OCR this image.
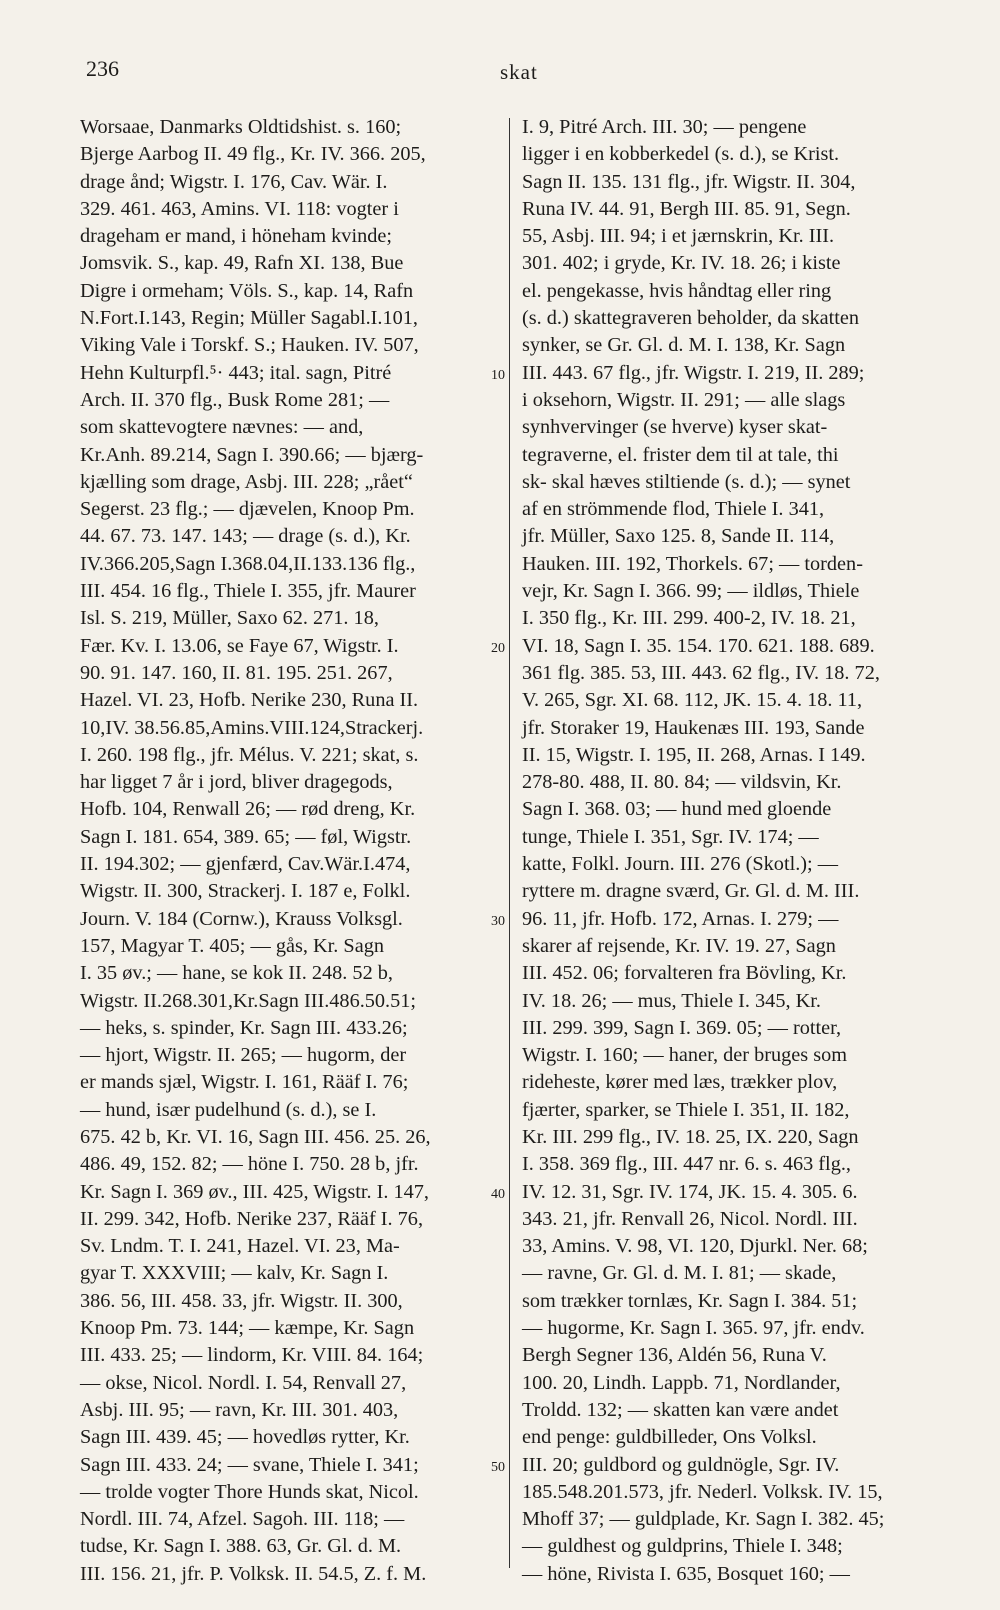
236	skat
Worsaae, Danmarks Oldtidshist. s. 160;
Bjerge Aarbog II. 49 flg., Kr. IV. 366. 205,
drage ånd; Wigstr. I. 176, Cav. Wär. I.
329. 461. 463, Amins. VI. 118: vogter i
drageham er mand, i höneham kvinde;
Jomsvik. S., kap. 49, Rafn XI. 138, Bue
Digre i ormeham; Völs. S., kap. 14, Rafn
N.Fort.I.143, Regin; Müller Sagabl.I.101,
Viking Vale i Torskf. S.; Hauken. IV. 507,
Hehn Kulturpfl.⁵· 443; ital. sagn, Pitré
Arch. II. 370 flg., Busk Rome 281; —
som skattevogtere nævnes: — and,
Kr.Anh. 89.214, Sagn I. 390.66; — bjærg-
kjælling som drage, Asbj. III. 228; „rået“
Segerst. 23 flg.; — djævelen, Knoop Pm.
44. 67. 73. 147. 143; — drage (s. d.), Kr.
IV.366.205,Sagn I.368.04,II.133.136 flg.,
III. 454. 16 flg., Thiele I. 355, jfr. Maurer
Isl. S. 219, Müller, Saxo 62. 271. 18,
Fær. Kv. I. 13.06, se Faye 67, Wigstr. I.
90. 91. 147. 160, II. 81. 195. 251. 267,
Hazel. VI. 23, Hofb. Nerike 230, Runa II.
10,IV. 38.56.85,Amins.VIII.124,Strackerj.
I. 260. 198 flg., jfr. Mélus. V. 221; skat, s.
har ligget 7 år i jord, bliver dragegods,
Hofb. 104, Renwall 26; — rød dreng, Kr.
Sagn I. 181. 654, 389. 65; — føl, Wigstr.
II. 194.302; — gjenfærd, Cav.Wär.I.474,
Wigstr. II. 300, Strackerj. I. 187 e, Folkl.
Journ. V. 184 (Cornw.), Krauss Volksgl.
157, Magyar T. 405; — gås, Kr. Sagn
I. 35 øv.; — hane, se kok II. 248. 52 b,
Wigstr. II.268.301,Kr.Sagn III.486.50.51;
— heks, s. spinder, Kr. Sagn III. 433.26;
— hjort, Wigstr. II. 265; — hugorm, der
er mands sjæl, Wigstr. I. 161, Rääf I. 76;
— hund, især pudelhund (s. d.), se I.
675. 42 b, Kr. VI. 16, Sagn III. 456. 25. 26,
486. 49, 152. 82; — höne I. 750. 28 b, jfr.
Kr. Sagn I. 369 øv., III. 425, Wigstr. I. 147,
II. 299. 342, Hofb. Nerike 237, Rääf I. 76,
Sv. Lndm. T. I. 241, Hazel. VI. 23, Ma-
gyar T. XXXVIII; — kalv, Kr. Sagn I.
386. 56, III. 458. 33, jfr. Wigstr. II. 300,
Knoop Pm. 73. 144; — kæmpe, Kr. Sagn
III. 433. 25; — lindorm, Kr. VIII. 84. 164;
— okse, Nicol. Nordl. I. 54, Renvall 27,
Asbj. III. 95; — ravn, Kr. III. 301. 403,
Sagn III. 439. 45; — hovedløs rytter, Kr.
Sagn III. 433. 24; — svane, Thiele I. 341;
— trolde vogter Thore Hunds skat, Nicol.
Nordl. III. 74, Afzel. Sagoh. III. 118; —
tudse, Kr. Sagn I. 388. 63, Gr. Gl. d. M.
III. 156. 21, jfr. P. Volksk. II. 54.5, Z. f. M.
10
20
30
40
50
I. 9, Pitré Arch. III. 30; — pengene
ligger i en kobberkedel (s. d.), se Krist.
Sagn II. 135. 131 flg., jfr. Wigstr. II. 304,
Runa IV. 44. 91, Bergh III. 85. 91, Segn.
55, Asbj. III. 94; i et jærnskrin, Kr. III.
301. 402; i gryde, Kr. IV. 18. 26; i kiste
el. pengekasse, hvis håndtag eller ring
(s. d.) skattegraveren beholder, da skatten
synker, se Gr. Gl. d. M. I. 138, Kr. Sagn
III. 443. 67 flg., jfr. Wigstr. I. 219, II. 289;
i oksehorn, Wigstr. II. 291; — alle slags
synhvervinger (se hverve) kyser skat-
tegraverne, el. frister dem til at tale, thi
sk- skal hæves stiltiende (s. d.); — synet
af en strömmende flod, Thiele I. 341,
jfr. Müller, Saxo 125. 8, Sande II. 114,
Hauken. III. 192, Thorkels. 67; — torden-
vejr, Kr. Sagn I. 366. 99; — ildløs, Thiele
I. 350 flg., Kr. III. 299. 400-2, IV. 18. 21,
VI. 18, Sagn I. 35. 154. 170. 621. 188. 689.
361 flg. 385. 53, III. 443. 62 flg., IV. 18. 72,
V. 265, Sgr. XI. 68. 112, JK. 15. 4. 18. 11,
jfr. Storaker 19, Haukenæs III. 193, Sande
II. 15, Wigstr. I. 195, II. 268, Arnas. I 149.
278-80. 488, II. 80. 84; — vildsvin, Kr.
Sagn I. 368. 03; — hund med gloende
tunge, Thiele I. 351, Sgr. IV. 174; —
katte, Folkl. Journ. III. 276 (Skotl.); —
ryttere m. dragne sværd, Gr. Gl. d. M. III.
96. 11, jfr. Hofb. 172, Arnas. I. 279; —
skarer af rejsende, Kr. IV. 19. 27, Sagn
III. 452. 06; forvalteren fra Bövling, Kr.
IV. 18. 26; — mus, Thiele I. 345, Kr.
III. 299. 399, Sagn I. 369. 05; — rotter,
Wigstr. I. 160; — haner, der bruges som
rideheste, kører med læs, trækker plov,
fjærter, sparker, se Thiele I. 351, II. 182,
Kr. III. 299 flg., IV. 18. 25, IX. 220, Sagn
I. 358. 369 flg., III. 447 nr. 6. s. 463 flg.,
IV. 12. 31, Sgr. IV. 174, JK. 15. 4. 305. 6.
343. 21, jfr. Renvall 26, Nicol. Nordl. III.
33, Amins. V. 98, VI. 120, Djurkl. Ner. 68;
— ravne, Gr. Gl. d. M. I. 81; — skade,
som trækker tornlæs, Kr. Sagn I. 384. 51;
— hugorme, Kr. Sagn I. 365. 97, jfr. endv.
Bergh Segner 136, Aldén 56, Runa V.
100. 20, Lindh. Lappb. 71, Nordlander,
Troldd. 132; — skatten kan være andet
end penge: guldbilleder, Ons Volksl.
III. 20; guldbord og guldnögle, Sgr. IV.
185.548.201.573, jfr. Nederl. Volksk. IV. 15,
Mhoff 37; — guldplade, Kr. Sagn I. 382. 45;
— guldhest og guldprins, Thiele I. 348;
— höne, Rivista I. 635, Bosquet 160; —
